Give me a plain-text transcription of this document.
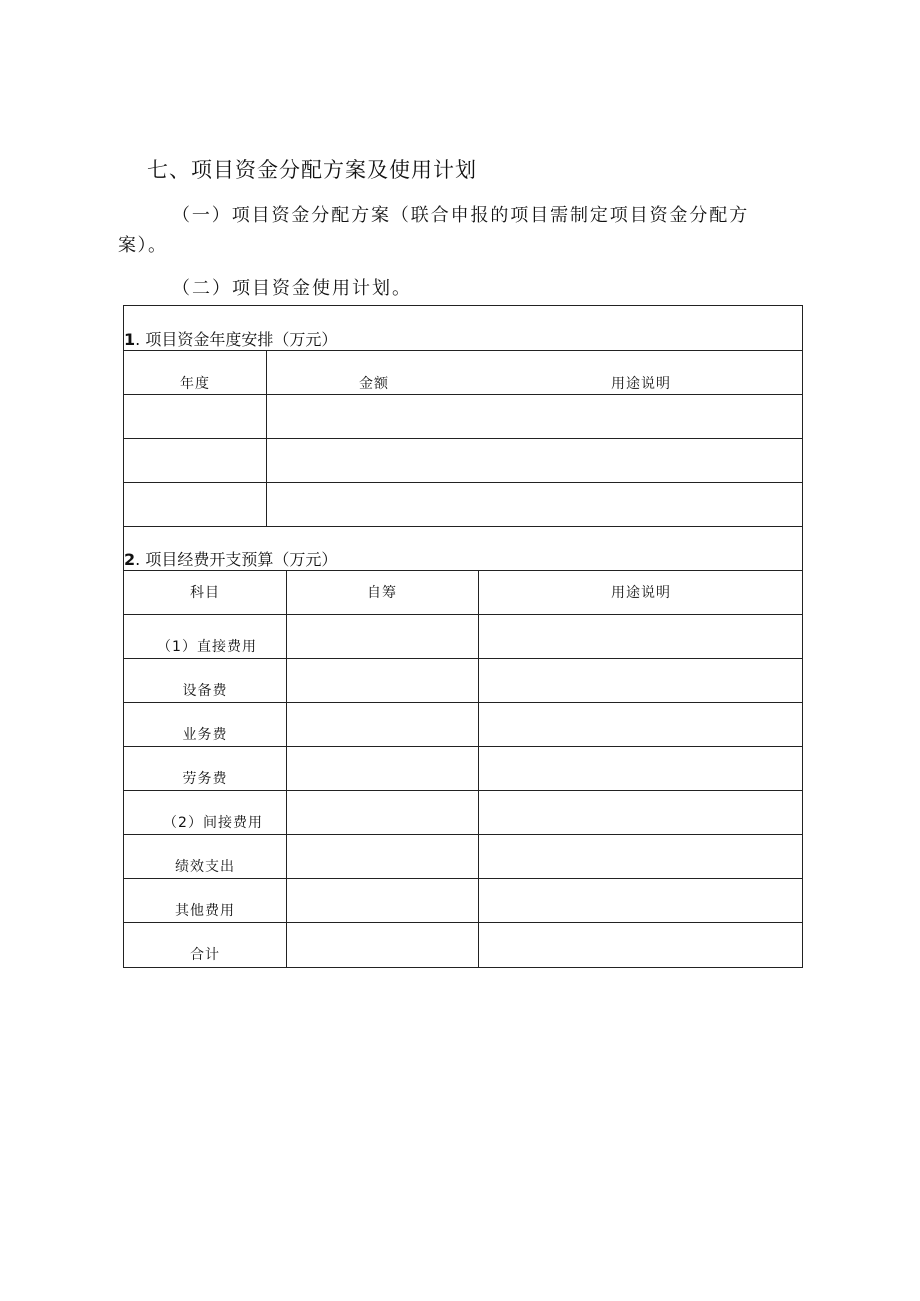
七、项目资金分配方案及使用计划
（一）项目资金分配方案（联合申报的项目需制定项目资金分配方
案）。
（二）项目资金使用计划。
1. 项目资金年度安排（万元）
年度	金额	用途说明
2. 项目经费开支预算（万元）
科目	自筹	用途说明
（1）直接费用
设备费
业务费
劳务费
（2）间接费用
绩效支出
其他费用
合计
